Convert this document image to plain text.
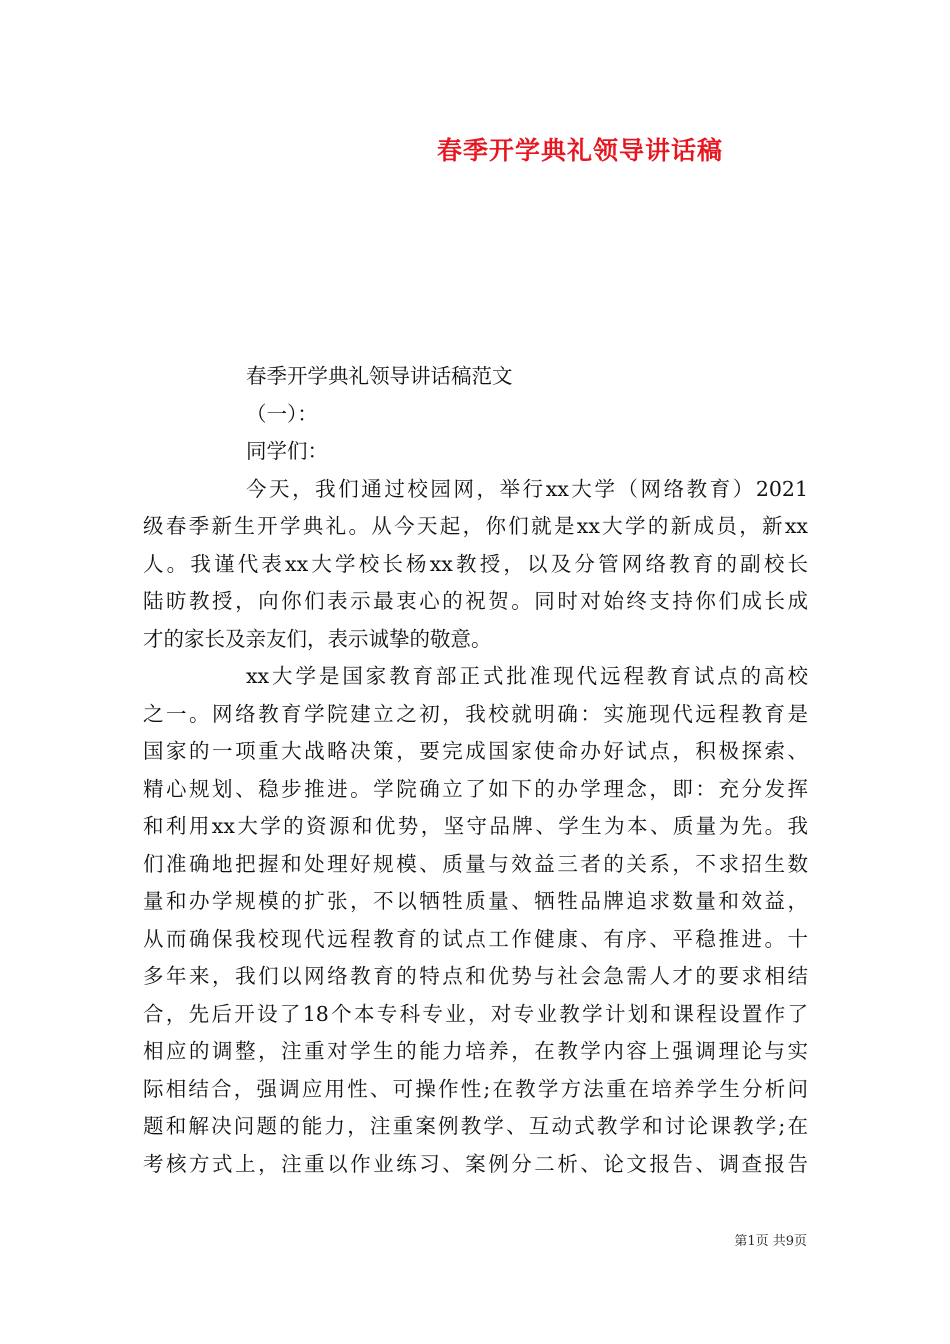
春季开学典礼领导讲话稿

春季开学典礼领导讲话稿范文

（一）：

同学们：

今天，我们通过校园网，举行xx大学（网络教育）2021
级春季新生开学典礼。从今天起，你们就是xx大学的新成员，新xx
人。我谨代表xx大学校长杨xx教授，以及分管网络教育的副校长
陆昉教授，向你们表示最衷心的祝贺。同时对始终支持你们成长成
才的家长及亲友们，表示诚挚的敬意。

xx大学是国家教育部正式批准现代远程教育试点的高校
之一。网络教育学院建立之初，我校就明确：实施现代远程教育是
国家的一项重大战略决策，要完成国家使命办好试点，积极探索、
精心规划、稳步推进。学院确立了如下的办学理念，即：充分发挥
和利用xx大学的资源和优势，坚守品牌、学生为本、质量为先。我
们准确地把握和处理好规模、质量与效益三者的关系，不求招生数
量和办学规模的扩张，不以牺牲质量、牺牲品牌追求数量和效益，
从而确保我校现代远程教育的试点工作健康、有序、平稳推进。十
多年来，我们以网络教育的特点和优势与社会急需人才的要求相结
合，先后开设了18个本专科专业，对专业教学计划和课程设置作了
相应的调整，注重对学生的能力培养，在教学内容上强调理论与实
际相结合，强调应用性、可操作性;在教学方法重在培养学生分析问
题和解决问题的能力，注重案例教学、互动式教学和讨论课教学;在
考核方式上，注重以作业练习、案例分二析、论文报告、调查报告

第1页 共9页
